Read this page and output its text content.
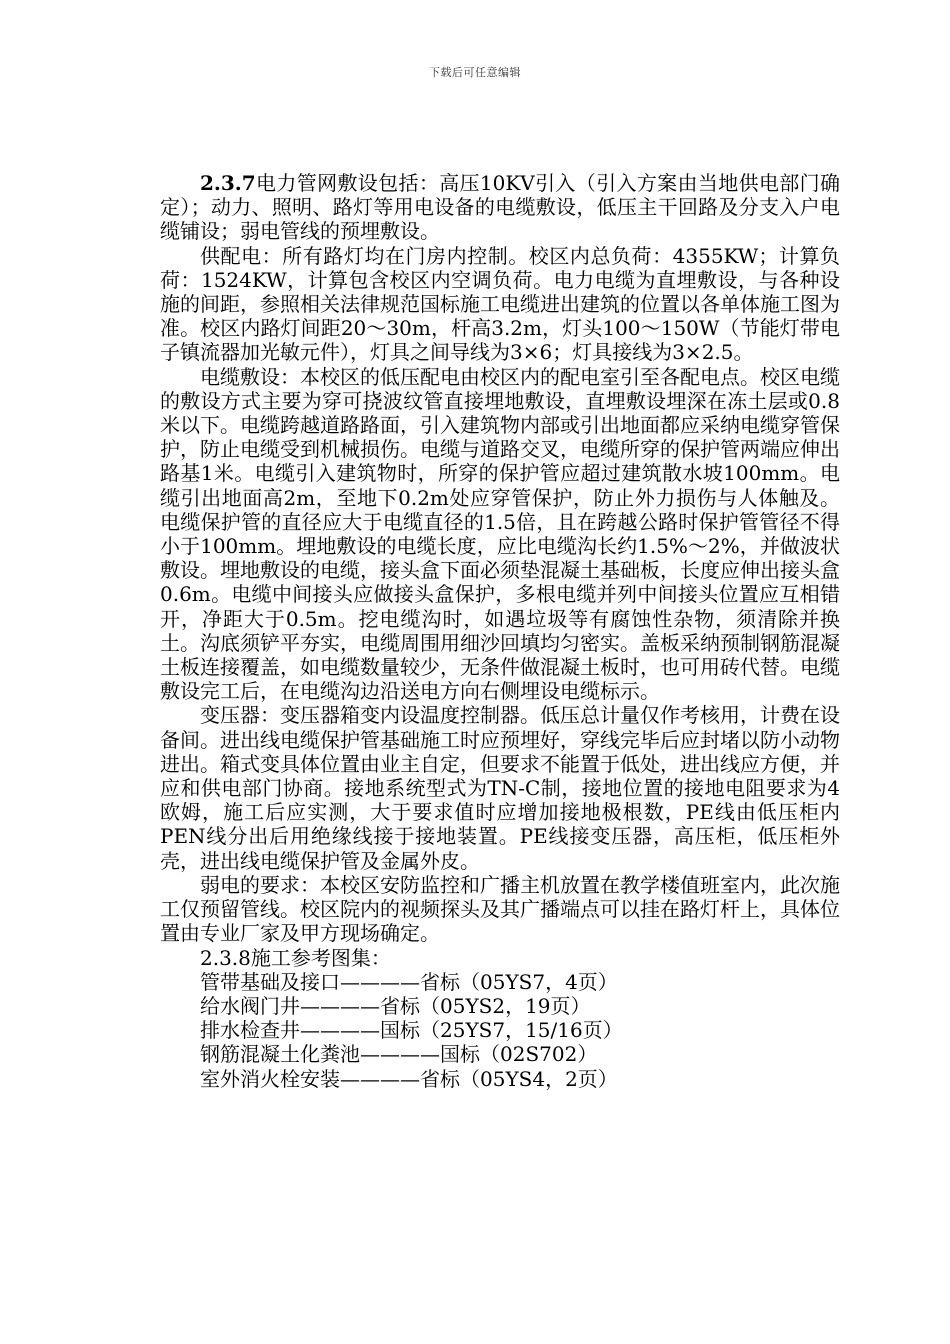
下载后可任意编辑

2.3.7电力管网敷设包括：高压10KV引入（引入方案由当地供电部门确定）；动力、照明、路灯等用电设备的电缆敷设，低压主干回路及分支入户电缆铺设；弱电管线的预埋敷设。

供配电：所有路灯均在门房内控制。校区内总负荷：4355KW；计算负荷：1524KW，计算包含校区内空调负荷。电力电缆为直埋敷设，与各种设施的间距，参照相关法律规范国标施工电缆进出建筑的位置以各单体施工图为准。校区内路灯间距20～30m，杆高3.2m，灯头100～150W（节能灯带电子镇流器加光敏元件），灯具之间导线为3×6；灯具接线为3×2.5。

电缆敷设：本校区的低压配电由校区内的配电室引至各配电点。校区电缆的敷设方式主要为穿可挠波纹管直接埋地敷设，直埋敷设埋深在冻土层或0.8米以下。电缆跨越道路路面，引入建筑物内部或引出地面都应采纳电缆穿管保护，防止电缆受到机械损伤。电缆与道路交叉，电缆所穿的保护管两端应伸出路基1米。电缆引入建筑物时，所穿的保护管应超过建筑散水坡100mm。电缆引出地面高2m，至地下0.2m处应穿管保护，防止外力损伤与人体触及。电缆保护管的直径应大于电缆直径的1.5倍，且在跨越公路时保护管管径不得小于100mm。埋地敷设的电缆长度，应比电缆沟长约1.5%～2%，并做波状敷设。埋地敷设的电缆，接头盒下面必须垫混凝土基础板，长度应伸出接头盒0.6m。电缆中间接头应做接头盒保护，多根电缆并列中间接头位置应互相错开，净距大于0.5m。挖电缆沟时，如遇垃圾等有腐蚀性杂物，须清除并换土。沟底须铲平夯实，电缆周围用细沙回填均匀密实。盖板采纳预制钢筋混凝土板连接覆盖，如电缆数量较少，无条件做混凝土板时，也可用砖代替。电缆敷设完工后，在电缆沟边沿送电方向右侧埋设电缆标示。

变压器：变压器箱变内设温度控制器。低压总计量仅作考核用，计费在设备间。进出线电缆保护管基础施工时应预埋好，穿线完毕后应封堵以防小动物进出。箱式变具体位置由业主自定，但要求不能置于低处，进出线应方便，并应和供电部门协商。接地系统型式为TN-C制，接地位置的接地电阻要求为4欧姆，施工后应实测，大于要求值时应增加接地极根数，PE线由低压柜内PEN线分出后用绝缘线接于接地装置。PE线接变压器，高压柜，低压柜外壳，进出线电缆保护管及金属外皮。

弱电的要求：本校区安防监控和广播主机放置在教学楼值班室内，此次施工仅预留管线。校区院内的视频探头及其广播端点可以挂在路灯杆上，具体位置由专业厂家及甲方现场确定。

2.3.8施工参考图集：

管带基础及接口————省标（05YS7，4页）
给水阀门井————省标（05YS2，19页）
排水检查井————国标（25YS7，15/16页）
钢筋混凝土化粪池————国标（02S702）
室外消火栓安装————省标（05YS4，2页）
